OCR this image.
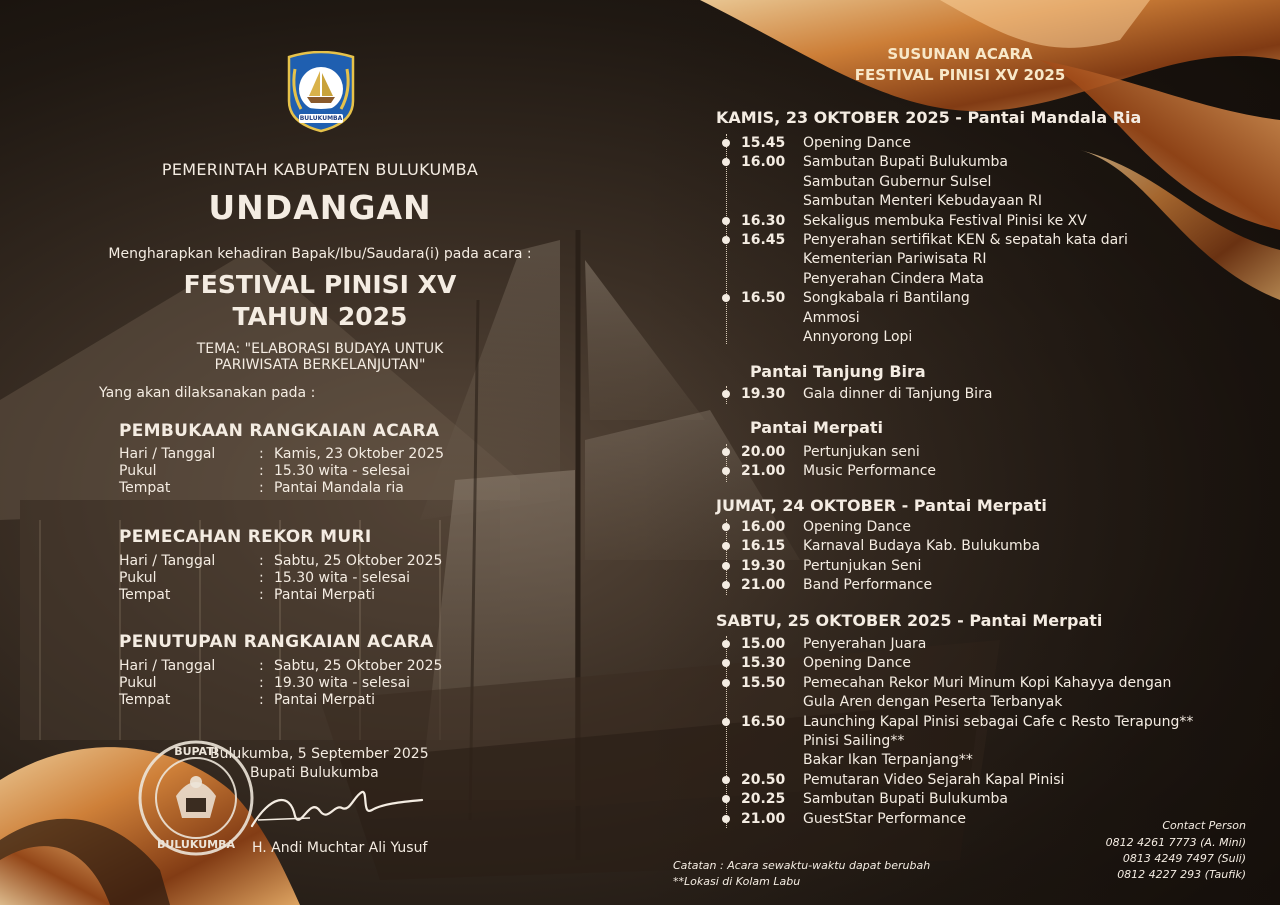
BULUKUMBA
PEMERINTAH KABUPATEN BULUKUMBA
UNDANGAN
Mengharapkan kehadiran Bapak/Ibu/Saudara(i) pada acara :
FESTIVAL PINISI XV
TAHUN 2025
TEMA: "ELABORASI BUDAYA UNTUK
PARIWISATA BERKELANJUTAN"
Yang akan dilaksanakan pada :
PEMBUKAAN RANGKAIAN ACARA
Hari / Tanggal	: Kamis, 23 Oktober 2025
Pukul	: 15.30 wita - selesai
Tempat	: Pantai Mandala ria
PEMECAHAN REKOR MURI
Hari / Tanggal	: Sabtu, 25 Oktober 2025
Pukul	: 15.30 wita - selesai
Tempat	: Pantai Merpati
PENUTUPAN RANGKAIAN ACARA
Hari / Tanggal	: Sabtu, 25 Oktober 2025
Pukul	: 19.30 wita - selesai
Tempat	: Pantai Merpati
Bulukumba, 5 September 2025
Bupati Bulukumba
BUPATI
BULUKUMBA H. Andi Muchtar Ali Yusuf
SUSUNAN ACARA
FESTIVAL PINISI XV 2025
KAMIS, 23 OKTOBER 2025 - Pantai Mandala Ria
15.45	Opening Dance
16.00	Sambutan Bupati Bulukumba
Sambutan Gubernur Sulsel
Sambutan Menteri Kebudayaan RI
16.30	Sekaligus membuka Festival Pinisi ke XV
16.45	Penyerahan sertifikat KEN & sepatah kata dari
Kementerian Pariwisata RI
Penyerahan Cindera Mata
16.50	Songkabala ri Bantilang
Ammosi
Annyorong Lopi
Pantai Tanjung Bira
19.30	Gala dinner di Tanjung Bira
Pantai Merpati
20.00	Pertunjukan seni
21.00	Music Performance
JUMAT, 24 OKTOBER - Pantai Merpati
16.00	Opening Dance
16.15	Karnaval Budaya Kab. Bulukumba
19.30	Pertunjukan Seni
21.00	Band Performance
SABTU, 25 OKTOBER 2025 - Pantai Merpati
15.00	Penyerahan Juara
15.30	Opening Dance
15.50	Pemecahan Rekor Muri Minum Kopi Kahayya dengan
Gula Aren dengan Peserta Terbanyak
16.50	Launching Kapal Pinisi sebagai Cafe c Resto Terapung**
Pinisi Sailing**
Bakar Ikan Terpanjang**
20.50	Pemutaran Video Sejarah Kapal Pinisi
20.25	Sambutan Bupati Bulukumba
21.00	GuestStar Performance
Catatan : Acara sewaktu-waktu dapat berubah
**Lokasi di Kolam Labu
Contact Person
0812 4261 7773 (A. Mini)
0813 4249 7497 (Suli)
0812 4227 293 (Taufik)
